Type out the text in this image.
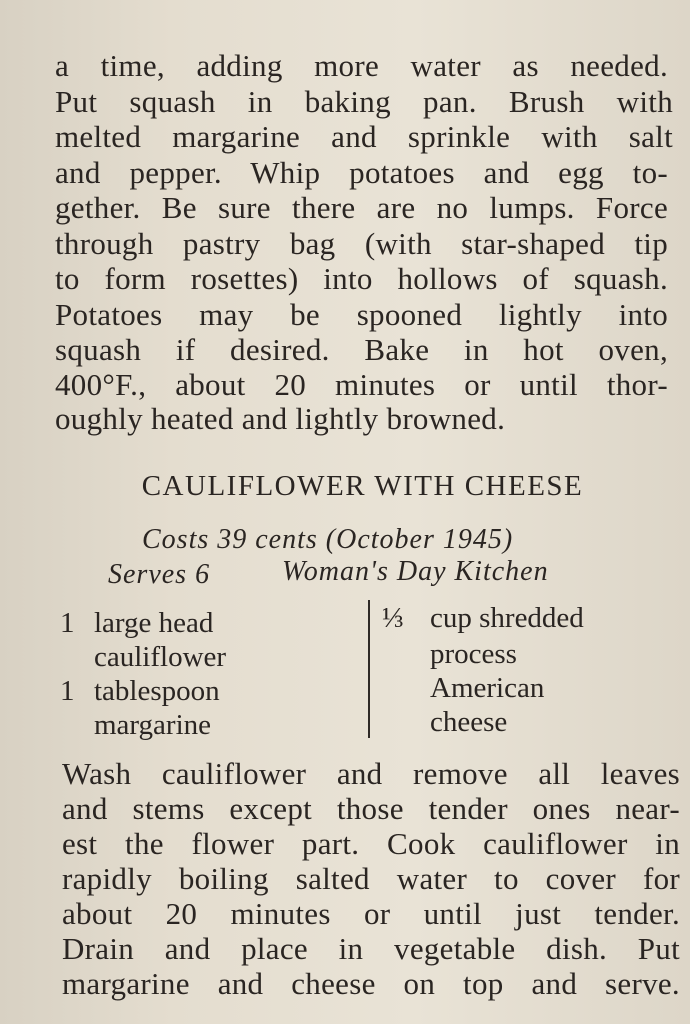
a time, adding more water as needed.
Put squash in baking pan. Brush with
melted margarine and sprinkle with salt
and pepper. Whip potatoes and egg to-
gether. Be sure there are no lumps. Force
through pastry bag (with star-shaped tip
to form rosettes) into hollows of squash.
Potatoes may be spooned lightly into
squash if desired. Bake in hot oven,
400°F., about 20 minutes or until thor-
oughly heated and lightly browned.
CAULIFLOWER WITH CHEESE
Costs 39 cents (October 1945)
Serves 6	Woman's Day Kitchen
1 large head
cauliflower
1 tablespoon
margarine
⅓ cup shredded
process
American
cheese
Wash cauliflower and remove all leaves
and stems except those tender ones near-
est the flower part. Cook cauliflower in
rapidly boiling salted water to cover for
about 20 minutes or until just tender.
Drain and place in vegetable dish. Put
margarine and cheese on top and serve.
